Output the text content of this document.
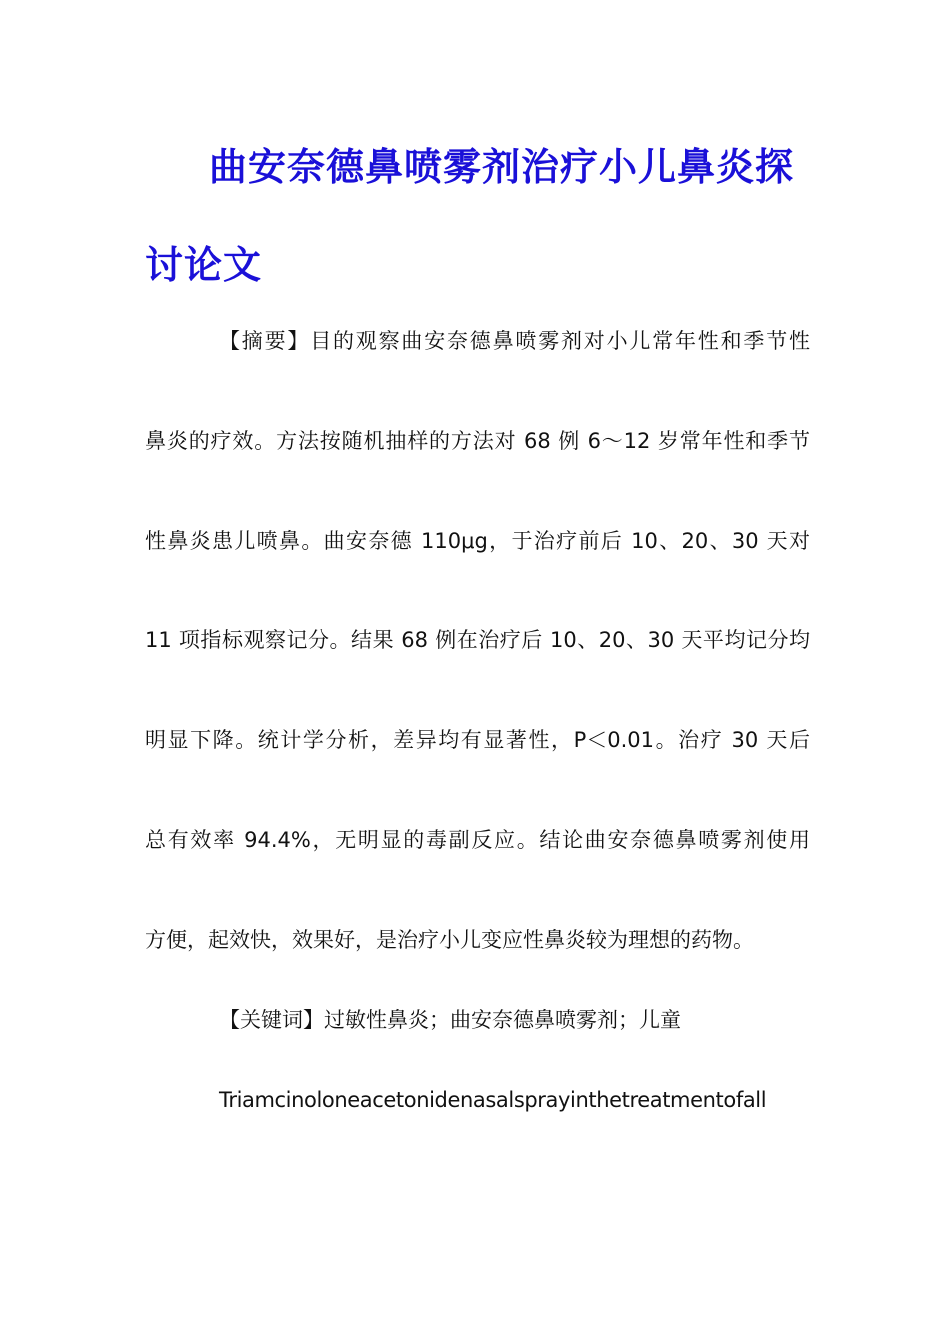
曲安奈德鼻喷雾剂治疗小儿鼻炎探讨论文

【摘要】目的观察曲安奈德鼻喷雾剂对小儿常年性和季节性

鼻炎的疗效。方法按随机抽样的方法对 68 例 6～12 岁常年性和季节

性鼻炎患儿喷鼻。曲安奈德 110μg，于治疗前后 10、20、30 天对

11 项指标观察记分。结果 68 例在治疗后 10、20、30 天平均记分均

明显下降。统计学分析，差异均有显著性，P＜0.01。治疗 30 天后

总有效率 94.4%，无明显的毒副反应。结论曲安奈德鼻喷雾剂使用

方便，起效快，效果好，是治疗小儿变应性鼻炎较为理想的药物。

【关键词】过敏性鼻炎；曲安奈德鼻喷雾剂；儿童

Triamcinoloneacetonidenasalsprayinthetreatmentofall
